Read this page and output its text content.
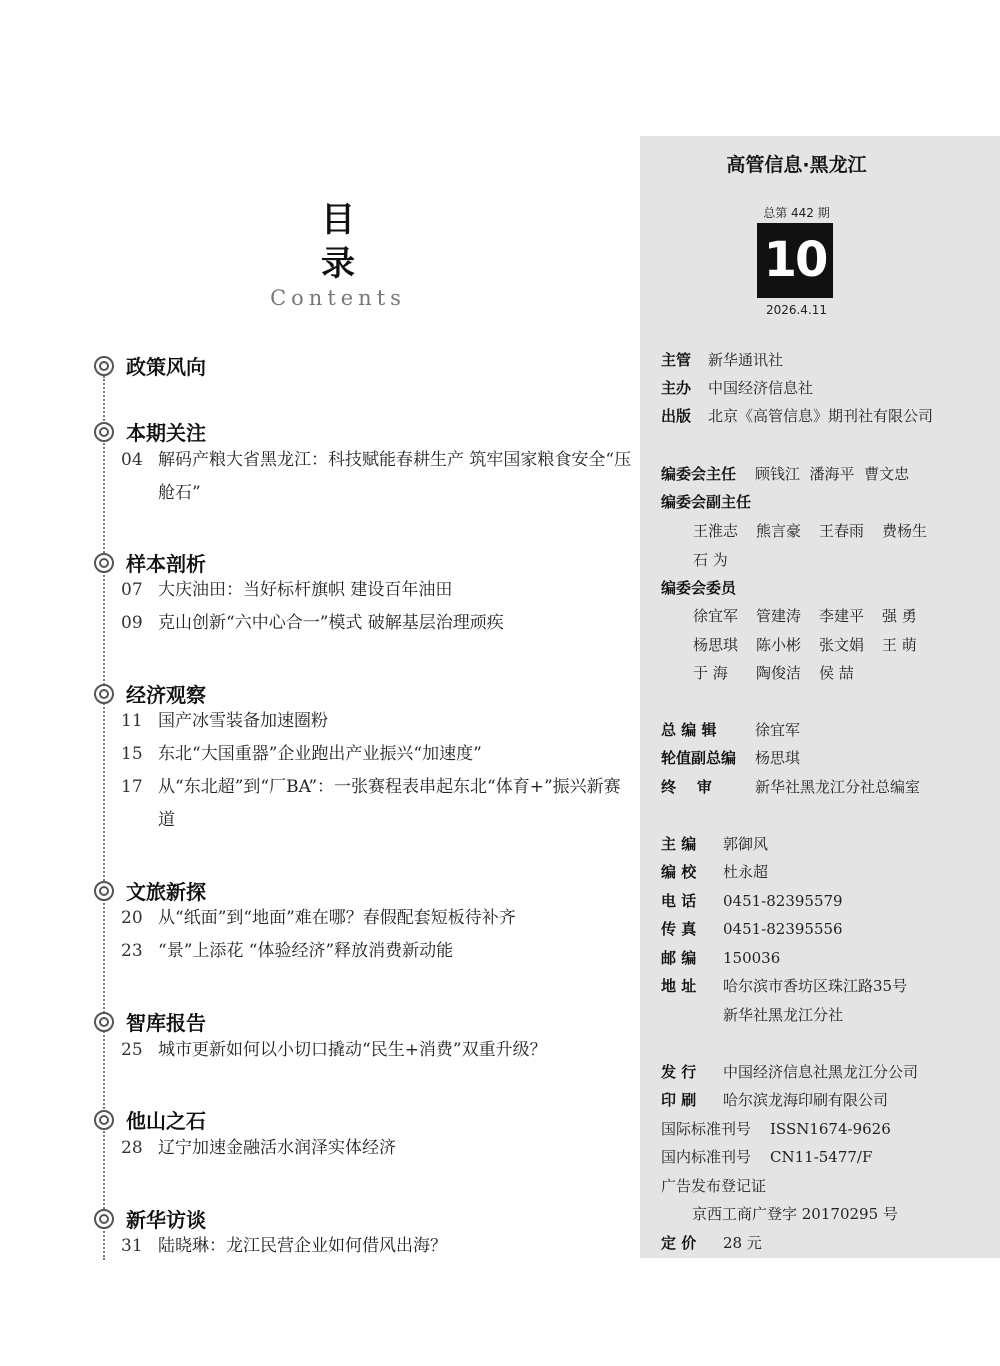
目 录
Contents
政策风向
本期关注
04 解码产粮大省黑龙江：科技赋能春耕生产 筑牢国家粮食安全“压舱石”
样本剖析
07 大庆油田：当好标杆旗帜 建设百年油田
09 克山创新“六中心合一”模式 破解基层治理顽疾
经济观察
11 国产冰雪装备加速圈粉
15 东北“大国重器”企业跑出产业振兴“加速度”
17 从“东北超”到“厂BA”：一张赛程表串起东北“体育+”振兴新赛道
文旅新探
20 从“纸面”到“地面”难在哪？春假配套短板待补齐
23 “景”上添花 “体验经济”释放消费新动能
智库报告
25 城市更新如何以小切口撬动“民生+消费”双重升级？
他山之石
28 辽宁加速金融活水润泽实体经济
新华访谈
31 陆晓琳：龙江民营企业如何借风出海？
高管信息·黑龙江
总第 442 期
10
2026.4.11
主管 新华通讯社
主办 中国经济信息社
出版 北京《高管信息》期刊社有限公司
编委会主任 顾钱江  潘海平  曹文忠
编委会副主任
王淮志 熊言豪 王春雨 费杨生
石 为
编委会委员
徐宜军 管建涛 李建平 强 勇
杨思琪 陈小彬 张文娟 王 萌
于 海 陶俊洁 侯 喆
总 编 辑	徐宜军
轮值副总编 杨思琪
终    审	新华社黑龙江分社总编室
主 编 郭御风
编 校 杜永超
电 话 0451-82395579
传 真 0451-82395556
邮 编 150036
地 址 哈尔滨市香坊区珠江路35号
新华社黑龙江分社
发 行 中国经济信息社黑龙江分公司
印 刷 哈尔滨龙海印刷有限公司
国际标准刊号 ISSN1674-9626
国内标准刊号 CN11-5477/F
广告发布登记证
京西工商广登字 20170295 号
定 价 28 元
